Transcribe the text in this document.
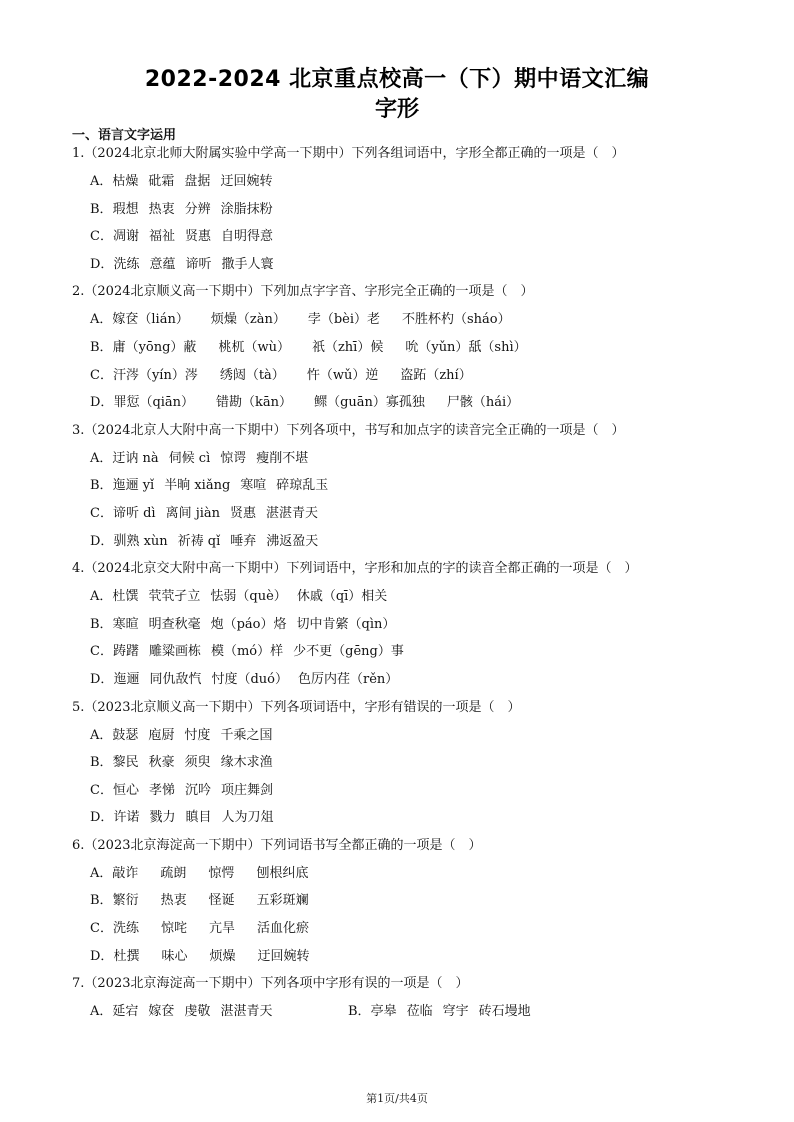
2022-2024 北京重点校高一（下）期中语文汇编
字形
一、语言文字运用
1.（2024北京北师大附属实验中学高一下期中）下列各组词语中，字形全都正确的一项是（　）
A．枯燥 砒霜 盘据 迂回婉转
B．瑕想 热衷 分辨 涂脂抹粉
C．凋谢 福祉 贤惠 自明得意
D．洗练 意蕴 谛听 撒手人寰
2.（2024北京顺义高一下期中）下列加点字字音、字形完全正确的一项是（　）
A．嫁奁（lián） 烦燥（zàn） 孛（bèi）老 不胜杯杓（sháo）
B．庸（yōng）蔽 桃杌（wù） 祇（zhī）候 吮（yǔn）舐（shì）
C．汗涔（yín）涔 绣闼（tà） 忤（wǔ）逆 盗跖（zhí）
D．罪愆（qiān） 错勘（kān） 鳏（guān）寡孤独 尸骸（hái）
3.（2024北京人大附中高一下期中）下列各项中，书写和加点字的读音完全正确的一项是（　）
A．迂讷 nà 伺候 cì 惊谔 瘦削不堪
B．迤逦 yǐ 半晌 xiǎng 寒喧 碎琼乱玉
C．谛听 dì 离间 jiàn 贤惠 湛湛青天
D．驯熟 xùn 祈祷 qǐ 唾弃 沸返盈天
4.（2024北京交大附中高一下期中）下列词语中，字形和加点的字的读音全都正确的一项是（　）
A．杜馔 茕茕孑立 怯弱（què） 休戚（qī）相关
B．寒暄 明查秋毫 炮（páo）烙 切中肯綮（qìn）
C．踌躇 雕粱画栋 模（mó）样 少不更（gēng）事
D．迤逦 同仇敌忾 忖度（duó） 色厉内荏（rěn）
5.（2023北京顺义高一下期中）下列各项词语中，字形有错误的一项是（　）
A．鼓瑟 庖厨 忖度 千乘之国
B．黎民 秋豪 须臾 缘木求渔
C．恒心 孝悌 沉吟 项庄舞剑
D．许诺 戮力 瞋目 人为刀俎
6.（2023北京海淀高一下期中）下列词语书写全都正确的一项是（　）
A．敲诈 疏朗 惊愕 刨根纠底
B．繁衍 热衷 怪诞 五彩斑斓
C．洗练 惊咤 亢旱 活血化瘀
D．杜撰 味心 烦燥 迂回婉转
7.（2023北京海淀高一下期中）下列各项中字形有误的一项是（　）
A．延宕 嫁奁 虔敬 湛湛青天	B．亭皋 莅临 穹宇 砖石墁地
第1页/共4页
